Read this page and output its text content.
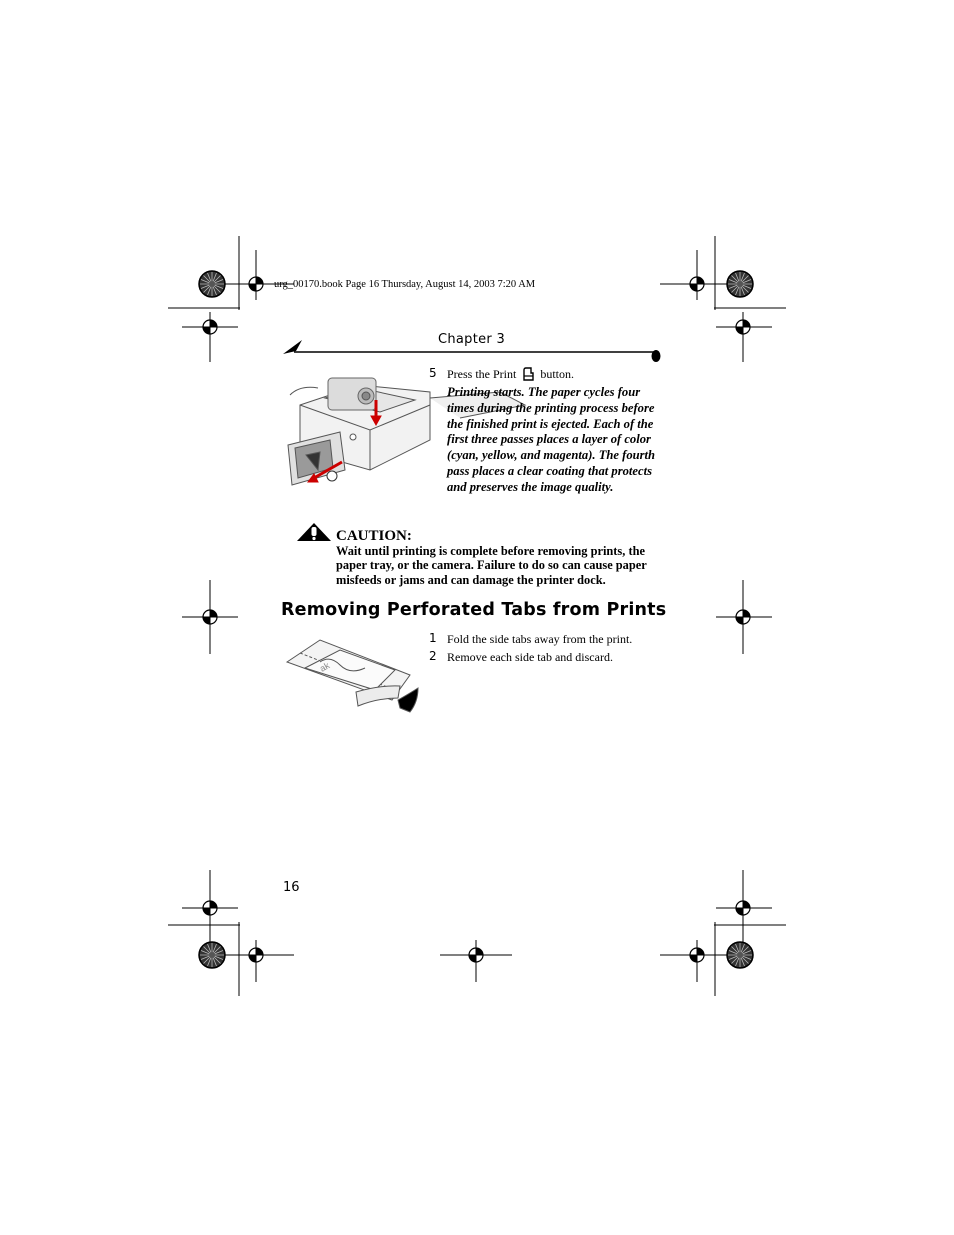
ak
urg_00170.book Page 16 Thursday, August 14, 2003 7:20 AM
Chapter 3
5 Press the Print button.
Printing starts. The paper cycles four times during the printing process before the finished print is ejected. Each of the first three passes places a layer of color (cyan, yellow, and magenta). The fourth pass places a clear coating that protects and preserves the image quality.
CAUTION:
Wait until printing is complete before removing prints, the paper tray, or the camera. Failure to do so can cause paper misfeeds or jams and can damage the printer dock.
Removing Perforated Tabs from Prints
1 Fold the side tabs away from the print.
2 Remove each side tab and discard.
16
